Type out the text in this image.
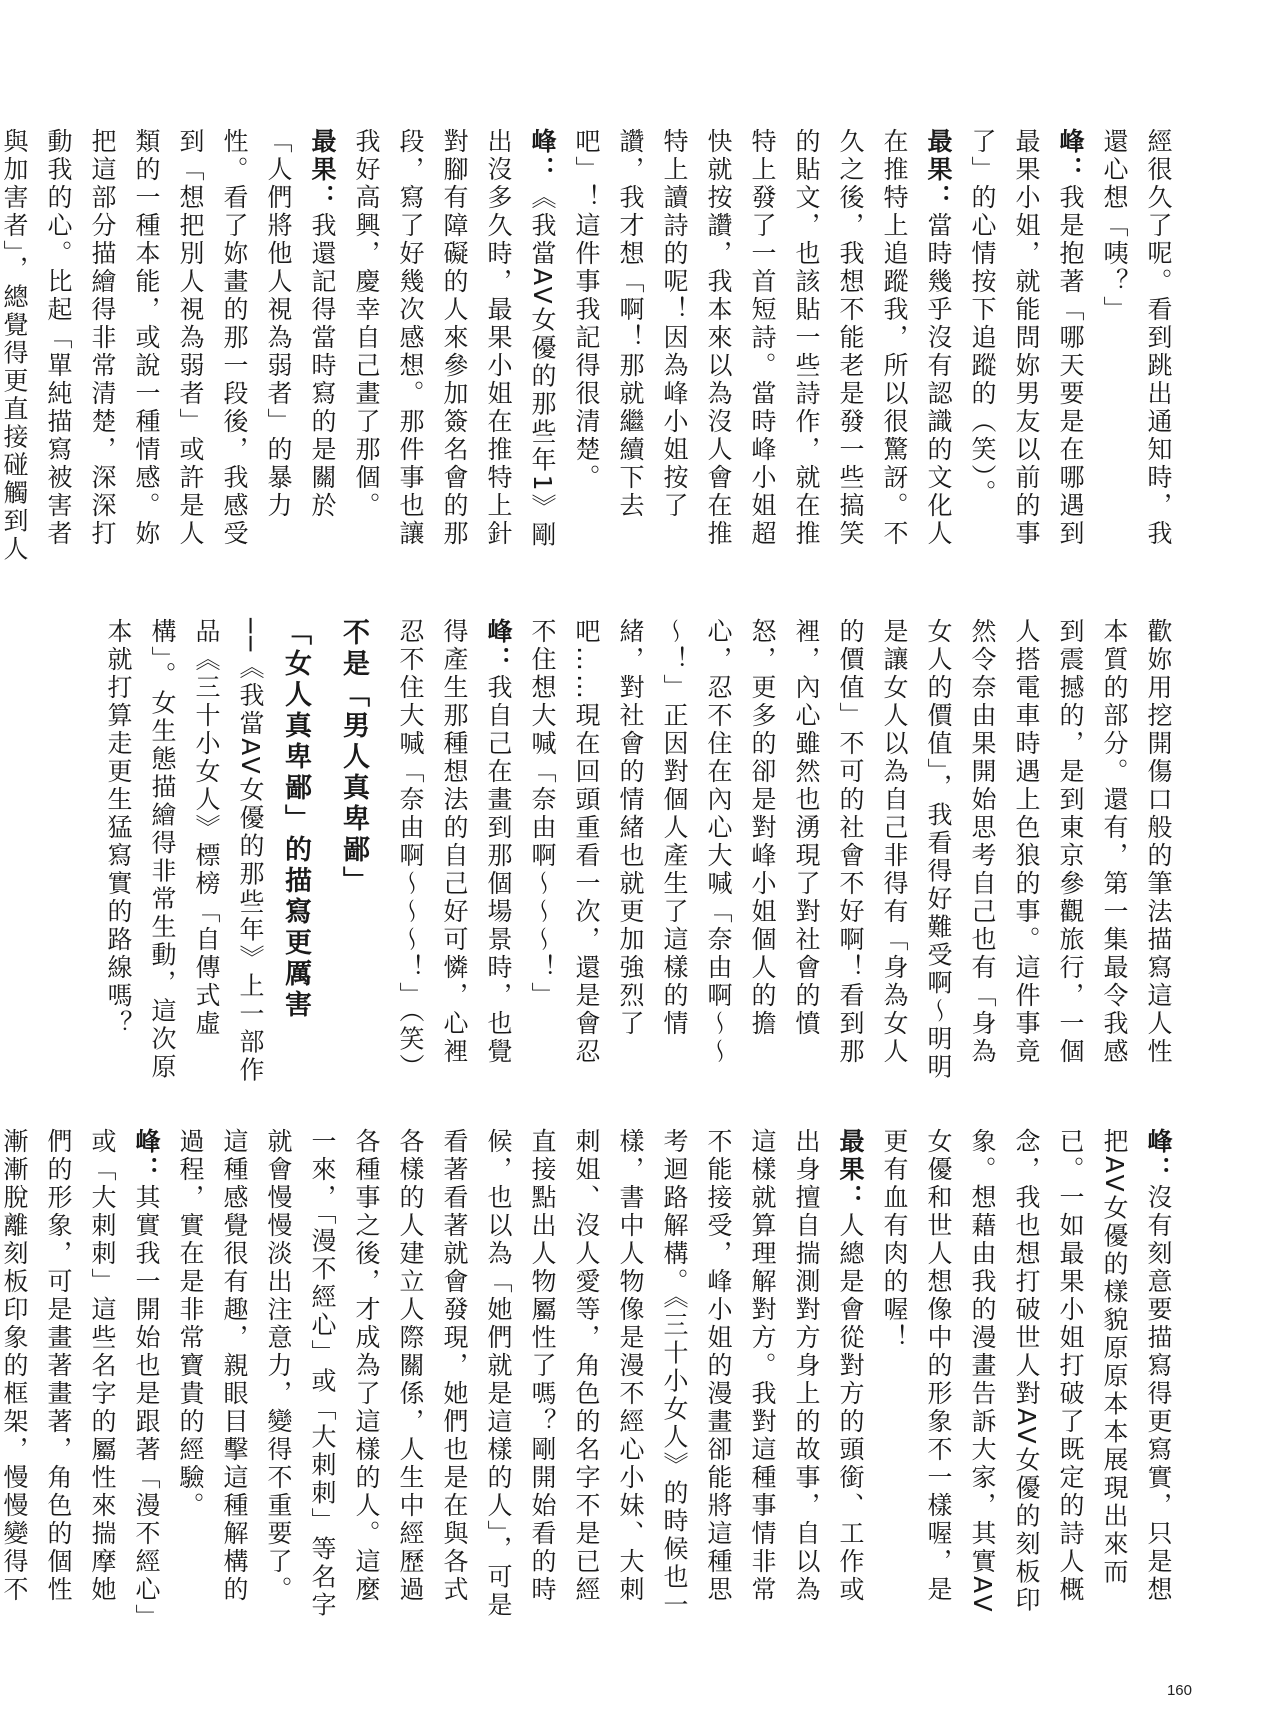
經很久了呢。看到跳出通知時，我還心想「咦？」

峰：我是抱著「哪天要是在哪遇到最果小姐，就能問妳男友以前的事了」的心情按下追蹤的（笑）。

最果：當時幾乎沒有認識的文化人在推特上追蹤我，所以很驚訝。不久之後，我想不能老是發一些搞笑的貼文，也該貼一些詩作，就在推特上發了一首短詩。當時峰小姐超快就按讚，我本來以為沒人會在推特上讀詩的呢！因為峰小姐按了讚，我才想「啊！那就繼續下去吧」！這件事我記得很清楚。

峰：《我當AV女優的那些年1》剛出沒多久時，最果小姐在推特上針對腳有障礙的人來參加簽名會的那段，寫了好幾次感想。那件事也讓我好高興，慶幸自己畫了那個。

最果：我還記得當時寫的是關於「人們將他人視為弱者」的暴力性。看了妳畫的那一段後，我感受到「想把別人視為弱者」或許是人類的一種本能，或說一種情感。妳把這部分描繪得非常清楚，深深打動我的心。比起「單純描寫被害者與加害者」，總覺得更直接碰觸到人

歡妳用挖開傷口般的筆法描寫這人性本質的部分。還有，第一集最令我感到震撼的，是到東京參觀旅行，一個人搭電車時遇上色狼的事。這件事竟然令奈由果開始思考自己也有「身為女人的價值」，我看得好難受啊～明明是讓女人以為自己非得有「身為女人的價值」不可的社會不好啊！看到那裡，內心雖然也湧現了對社會的憤怒，更多的卻是對峰小姐個人的擔心，忍不住在內心大喊「奈由啊～～～！」正因對個人產生了這樣的情緒，對社會的情緒也就更加強烈了吧……現在回頭重看一次，還是會忍不住想大喊「奈由啊～～～！」

峰：我自己在畫到那個場景時，也覺得產生那種想法的自己好可憐，心裡忍不住大喊「奈由啊～～～！」（笑）

不是「男人真卑鄙」

「女人真卑鄙」的描寫更厲害

──《我當AV女優的那些年》上一部作品《三十小女人》標榜「自傳式虛構」。女生態描繪得非常生動，這次原本就打算走更生猛寫實的路線嗎？

峰：沒有刻意要描寫得更寫實，只是想把AV女優的樣貌原原本本展現出來而已。一如最果小姐打破了既定的詩人概念，我也想打破世人對AV女優的刻板印象。想藉由我的漫畫告訴大家，其實AV女優和世人想像中的形象不一樣喔，是更有血有肉的喔！

最果：人總是會從對方的頭銜、工作或出身擅自揣測對方身上的故事，自以為這樣就算理解對方。我對這種事情非常不能接受，峰小姐的漫畫卻能將這種思考迴路解構。《三十小女人》的時候也一樣，書中人物像是漫不經心小妹、大刺刺姐、沒人愛等，角色的名字不是已經直接點出人物屬性了嗎？剛開始看的時候，也以為「她們就是這樣的人」，可是看著看著就會發現，她們也是在與各式各樣的人建立人際關係，人生中經歷過各種事之後，才成為了這樣的人。這麼一來，「漫不經心」或「大刺刺」等名字就會慢慢淡出注意力，變得不重要了。這種感覺很有趣，親眼目擊這種解構的過程，實在是非常寶貴的經驗。

峰：其實我一開始也是跟著「漫不經心」或「大刺刺」這些名字的屬性來揣摩她們的形象，可是畫著畫著，角色的個性漸漸脫離刻板印象的框架，慢慢變得不

160
